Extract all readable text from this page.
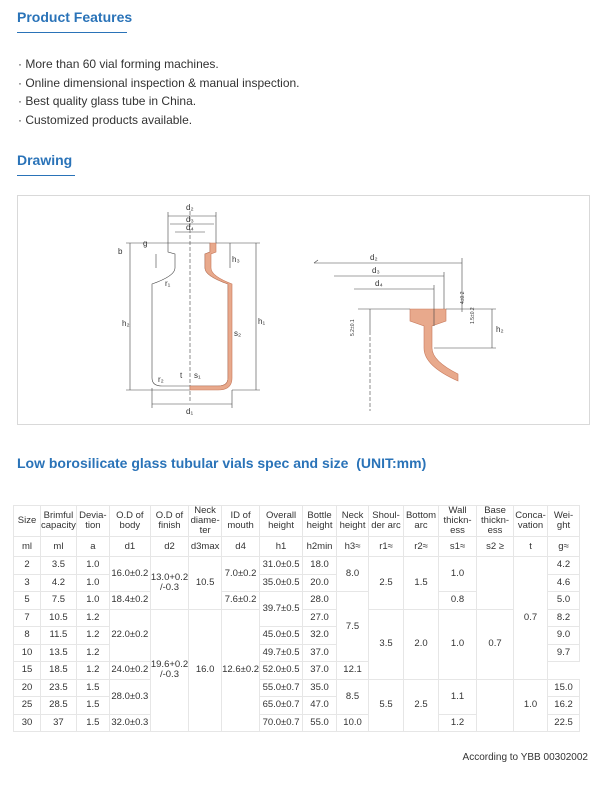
Product Features
· More than 60 vial forming machines.
· Online dimensional inspection & manual inspection.
· Best quality glass tube in China.
· Customized products available.
Drawing
d₂
d₃
d₄
h₂	h₁
h₃
b
g
d₁
r₁
r₂ t s₁
s₂
d₂
d₃
d₄
h₂
5.2±0.1
4±0.2
1.5±0.2
Low borosilicate glass tubular vials spec and size (UNIT:mm)
Size	Brimful capacity	Devia-tion	O.D of body	O.D of finish	Neck diame-ter	ID of mouth	Overall height	Bottle height	Neck height	Shoul-der arc	Bottom arc	Wall thickn-ess	Base thickn-ess	Conca-vation	Wei-ght
ml	ml	a	d1	d2	d3max	d4	h1	h2min	h3≈	r1≈	r2≈	s1≈	s2 ≥	t	g≈
2	3.5	1.0	16.0±0.2	13.0+0.2 /-0.3	10.5	7.0±0.2	31.0±0.5	18.0	8.0	2.5	1.5	1.0		0.7	4.2
3	4.2	1.0					35.0±0.5	20.0							4.6
5	7.5	1.0	18.4±0.2			7.6±0.2	39.7±0.5	28.0	7.5			0.8			5.0
7	10.5	1.2	22.0±0.2	19.6+0.2 /-0.3	16.0	12.6±0.2		27.0		3.5	2.0	1.0	0.7		8.2
8	11.5	1.2					45.0±0.5	32.0							9.0
10	13.5	1.2					49.7±0.5	37.0							9.7
15	18.5	1.2	24.0±0.2				52.0±0.5	37.0	12.1						
20	23.5	1.5	28.0±0.3				55.0±0.7	35.0	8.5	5.5	2.5	1.1		1.0	15.0
25	28.5	1.5					65.0±0.7	47.0							16.2
30	37	1.5	32.0±0.3				70.0±0.7	55.0	10.0			1.2			22.5
According to YBB 00302002
